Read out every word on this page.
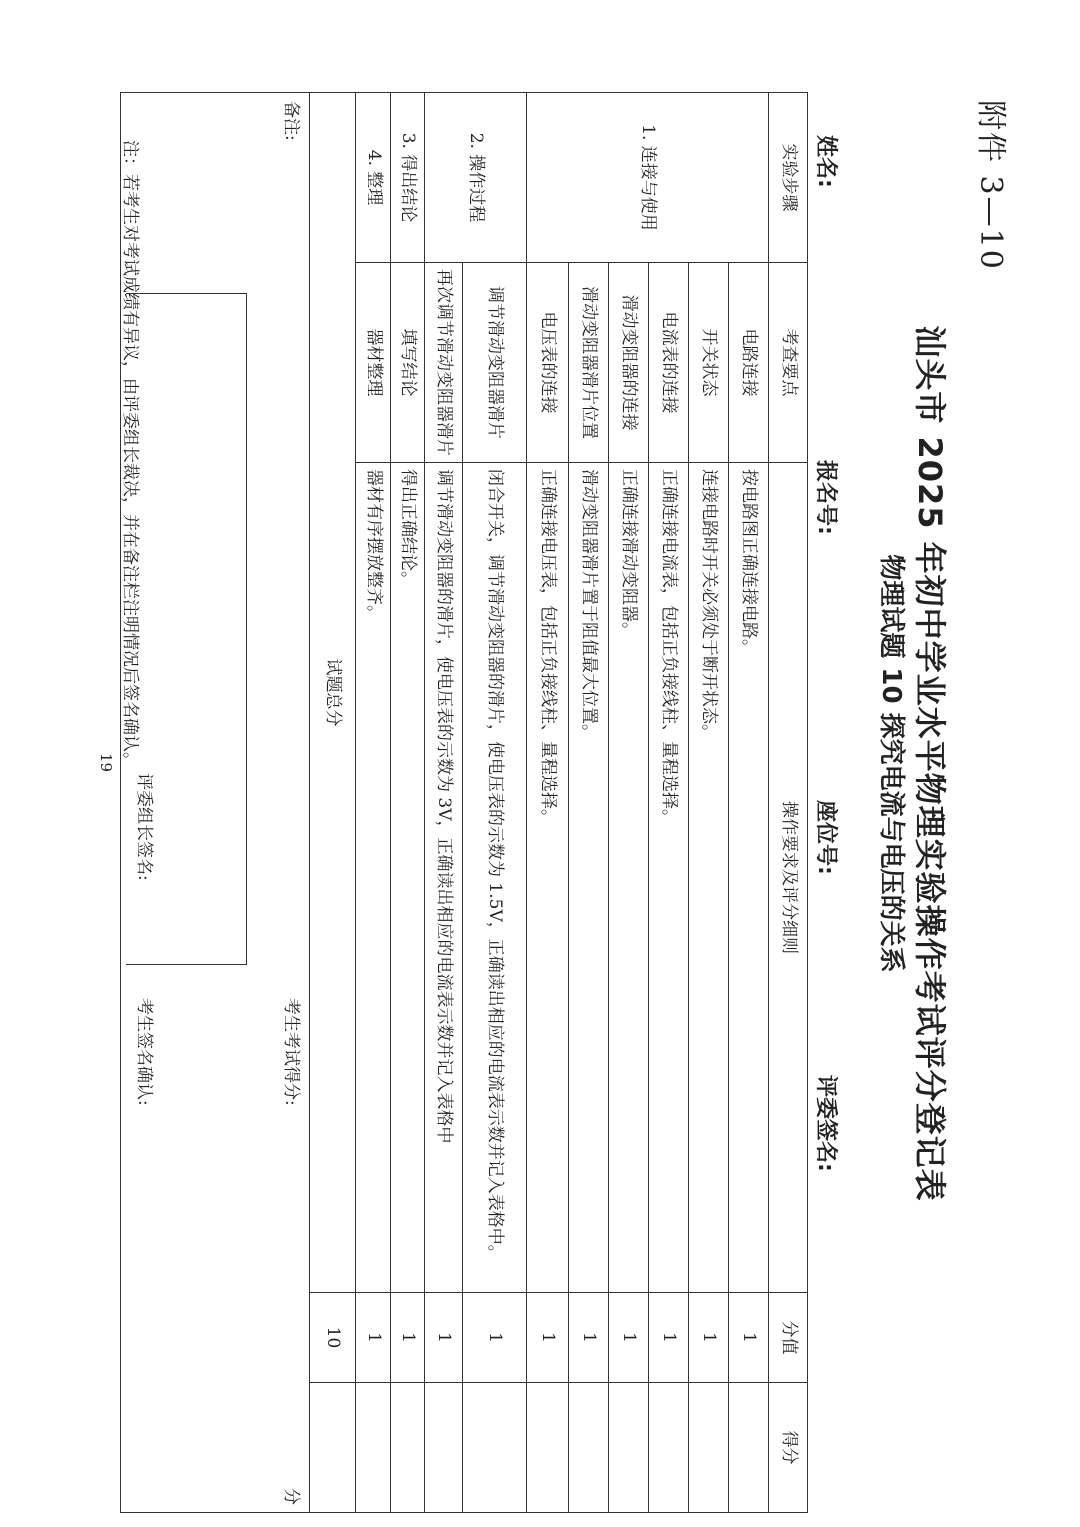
附件 3—10
汕头市 2025 年初中学业水平物理实验操作考试评分登记表
物理试题 10 探究电流与电压的关系
姓名:
报名号:
座位号:
评委签名:
实验步骤	考查要点	操作要求及评分细则	分值	得分
1. 连接与使用	电路连接	按电路图正确连接电路。	1	
	开关状态	连接电路时开关必须处于断开状态。	1	
	电流表的连接	正确连接电流表，包括正负接线柱、量程选择。	1	
	滑动变阻器的连接	正确连接滑动变阻器。	1	
	滑动变阻器滑片位置	滑动变阻器滑片置于阻值最大位置。	1	
	电压表的连接	正确连接电压表，包括正负接线柱、量程选择。	1	
2. 操作过程	调节滑动变阻器滑片	闭合开关，调节滑动变阻器的滑片，使电压表的示数为 1.5V，正确读出相应的电流表示数并记入表格中。	1	
	再次调节滑动变阻器滑片	调节滑动变阻器的滑片，使电压表的示数为 3V，正确读出相应的电流表示数并记入表格中	1	
3. 得出结论	填写结论	得出正确结论。	1	
4. 整理	器材整理	器材有序摆放整齐。	1	
试题总分			10	

备注:
评委组长签名:
考生考试得分:
分
考生签名确认:				
注：若考生对考试成绩有异议，由评委组长裁决，并在备注栏注明情况后签名确认。
19
